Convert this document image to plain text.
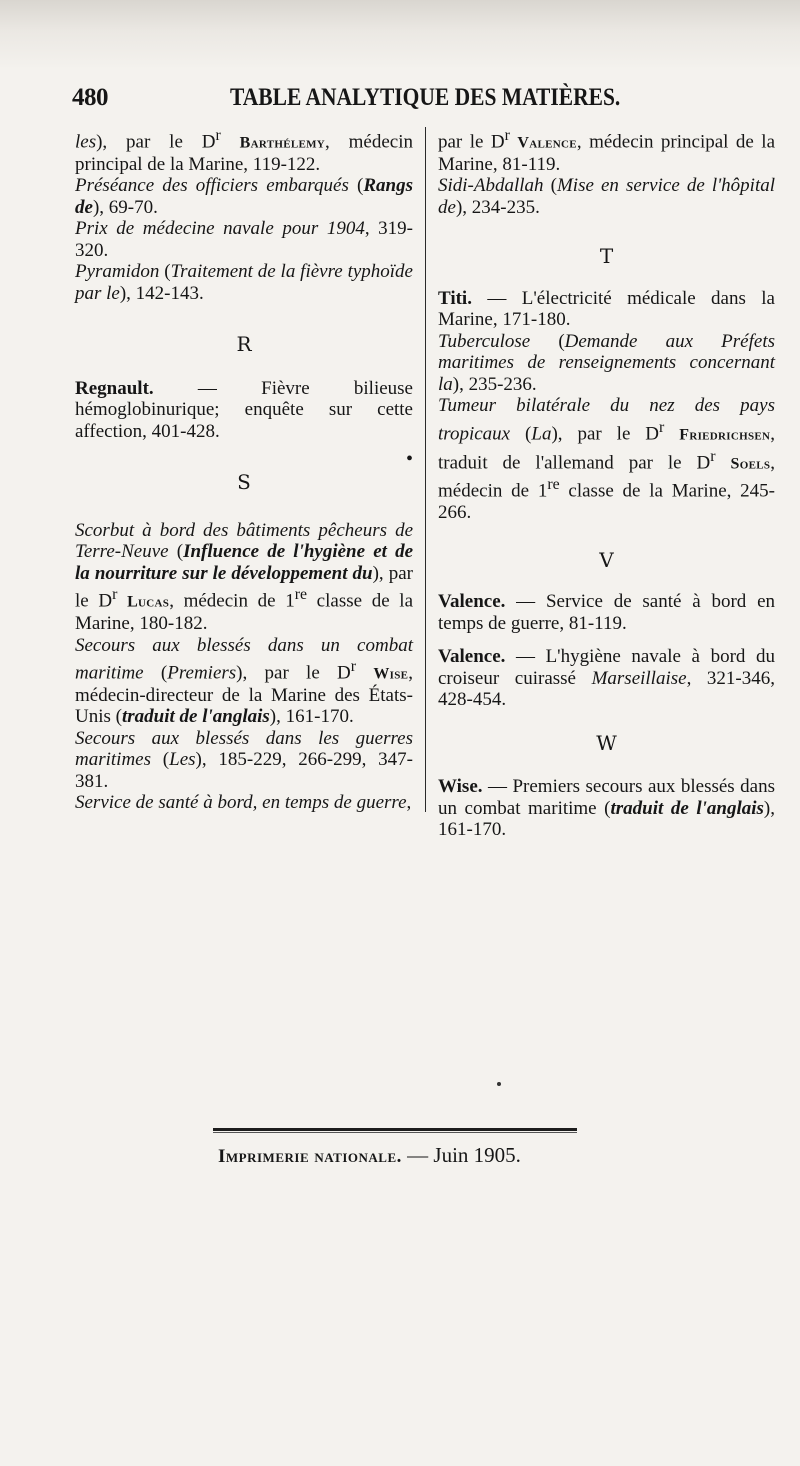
480	TABLE ANALYTIQUE DES MATIÈRES.

les), par le $D^r$ Barthélemy, médecin principal de la Marine, 119-122.

Préséance des officiers embarqués (Rangs de), 69-70.

Prix de médecine navale pour 1904, 319-320.

Pyramidon (Traitement de la fièvre typhoïde par le), 142-143.

R

Regnault. — Fièvre bilieuse hémoglobinurique; enquête sur cette affection, 401-428.

•

S

Scorbut à bord des bâtiments pêcheurs de Terre-Neuve (Influence de l'hygiène et de la nourriture sur le développement du), par le $D^r$ Lucas, médecin de 1re classe de la Marine, 180-182.

Secours aux blessés dans un combat maritime (Premiers), par le $D^r$ Wise, médecin-directeur de la Marine des États-Unis (traduit de l'anglais), 161-170.

Secours aux blessés dans les guerres maritimes (Les), 185-229, 266-299, 347-381.

Service de santé à bord, en temps de guerre,

par le $D^r$ Valence, médecin principal de la Marine, 81-119.

Sidi-Abdallah (Mise en service de l'hôpital de), 234-235.

T

Titi. — L'électricité médicale dans la Marine, 171-180.

Tuberculose (Demande aux Préfets maritimes de renseignements concernant la), 235-236.

Tumeur bilatérale du nez des pays tropicaux (La), par le $D^r$ Friedrichsen, traduit de l'allemand par le $D^r$ Soels, médecin de 1re classe de la Marine, 245-266.

V

Valence. — Service de santé à bord en temps de guerre, 81-119.

Valence. — L'hygiène navale à bord du croiseur cuirassé Marseillaise, 321-346, 428-454.

W

Wise. — Premiers secours aux blessés dans un combat maritime (traduit de l'anglais), 161-170.

Imprimerie nationale. — Juin 1905.
